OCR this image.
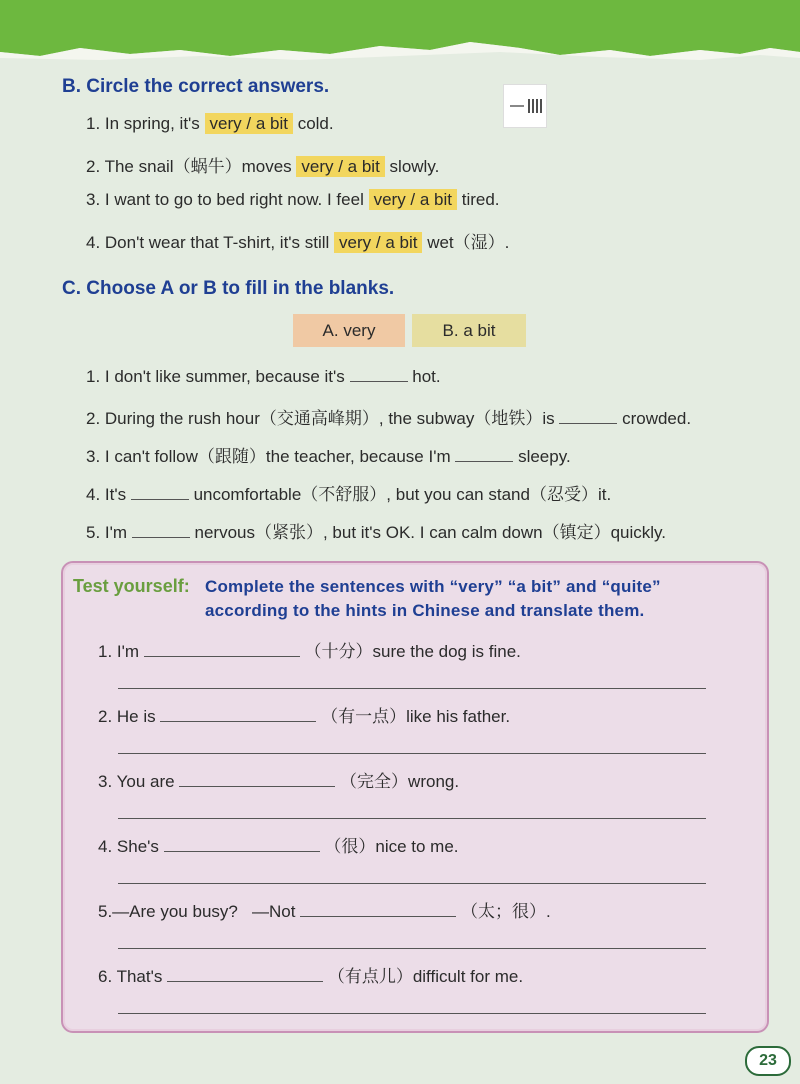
B. Circle the correct answers.
1. In spring, it's very / a bit cold.
2. The snail（蜗牛）moves very / a bit slowly.
3. I want to go to bed right now. I feel very / a bit tired.
4. Don't wear that T-shirt, it's still very / a bit wet（湿）.
C. Choose A or B to fill in the blanks.
A. very	B. a bit
1. I don't like summer, because it's	hot.
2. During the rush hour（交通高峰期）, the subway（地铁）is	crowded.
3. I can't follow（跟随）the teacher, because I'm	sleepy.
4. It's	uncomfortable（不舒服）, but you can stand（忍受）it.
5. I'm	nervous（紧张）, but it's OK. I can calm down（镇定）quickly.
Test yourself: Complete the sentences with “very” “a bit” and “quite”
according to the hints in Chinese and translate them.
1. I'm	（十分）sure the dog is fine.
2. He is	（有一点）like his father.
3. You are	（完全）wrong.
4. She's	（很）nice to me.
5.—Are you busy?   —Not	（太；很）.
6. That's	（有点儿）difficult for me.
23
